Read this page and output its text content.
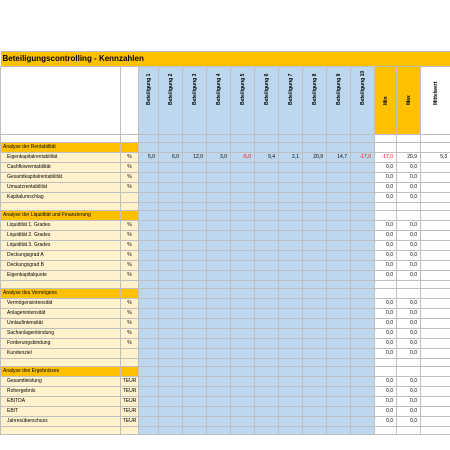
Beteiligungscontrolling - Kennzahlen														

		Beteiligung 1	Beteiligung 2	Beteiligung 3	Beteiligung 4	Beteiligung 5	Beteiligung 6	Beteiligung 7	Beteiligung 8	Beteiligung 9	Beteiligung 10	Min	Max	Mittelwert

Analyse der Rentabilität														
Eigenkapitalrentabilität	%	5,0	6,0	12,0	3,0	-5,0	9,4	2,1	20,9	14,7	-17,0	-17,0	20,9	5,3
Cashflowrentabilität	%											0,0	0,0	
Gesamtkapitalrentabilität	%											0,0	0,0	
Umsatzrentabilität	%											0,0	0,0	
Kapitalumschlag												0,0	0,0	

Analyse der Liquidität und Finanzierung														
Liquidität 1. Grades	%											0,0	0,0	
Liquidität 2. Grades	%											0,0	0,0	
Liquidität 3. Grades	%											0,0	0,0	
Deckungsgrad A	%											0,0	0,0	
Deckungsgrad B	%											0,0	0,0	
Eigenkapitalquote	%											0,0	0,0	

Analyse des Vermögens														
Vermögensintensität	%											0,0	0,0	
Anlagenintensität	%											0,0	0,0	
Umlaufintensität	%											0,0	0,0	
Sachanlagenbindung	%											0,0	0,0	
Forderungsbindung	%											0,0	0,0	
Kundenziel												0,0	0,0	

Analyse des Ergebnisses														
Gesamtleistung	TEUR											0,0	0,0	
Rohergebnis	TEUR											0,0	0,0	
EBITDA	TEUR											0,0	0,0	
EBIT	TEUR											0,0	0,0	
Jahresüberschuss	TEUR											0,0	0,0	
